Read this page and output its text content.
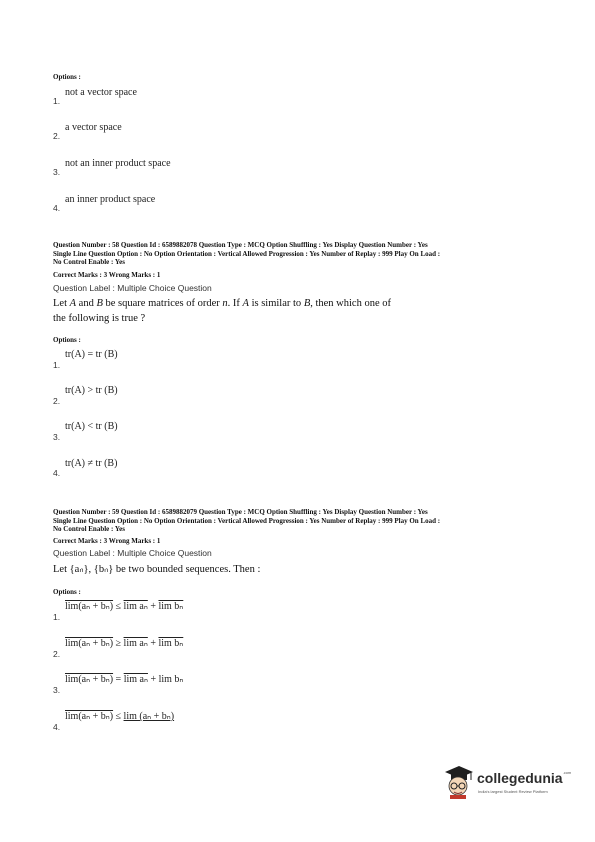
Options :
1.
not a vector space
2.
a vector space
3.
not an inner product space
4.
an inner product space
Question Number : 58 Question Id : 6589882078 Question Type : MCQ Option Shuffling : Yes Display Question Number : Yes
Single Line Question Option : No Option Orientation : Vertical Allowed Progression : Yes Number of Replay : 999 Play On Load :
No Control Enable : Yes
Correct Marks : 3 Wrong Marks : 1
Question Label : Multiple Choice Question
Let A and B be square matrices of order n. If A is similar to B, then which one of
the following is true ?
Options :
1.
tr(A) = tr (B)
2.
tr(A) > tr (B)
3.
tr(A) < tr (B)
4.
tr(A) ≠ tr (B)
Question Number : 59 Question Id : 6589882079 Question Type : MCQ Option Shuffling : Yes Display Question Number : Yes
Single Line Question Option : No Option Orientation : Vertical Allowed Progression : Yes Number of Replay : 999 Play On Load :
No Control Enable : Yes
Correct Marks : 3 Wrong Marks : 1
Question Label : Multiple Choice Question
Let {aₙ}, {bₙ} be two bounded sequences. Then :
Options :
1.
lim(aₙ + bₙ) ≤ lim aₙ + lim bₙ
2.
lim(aₙ + bₙ) ≥ lim aₙ + lim bₙ
3.
lim(aₙ + bₙ) = lim aₙ + lim bₙ
4.
lim(aₙ + bₙ) ≤ lim (aₙ + bₙ)
collegedunia$^{.com}$
India's largest Student Review Platform
